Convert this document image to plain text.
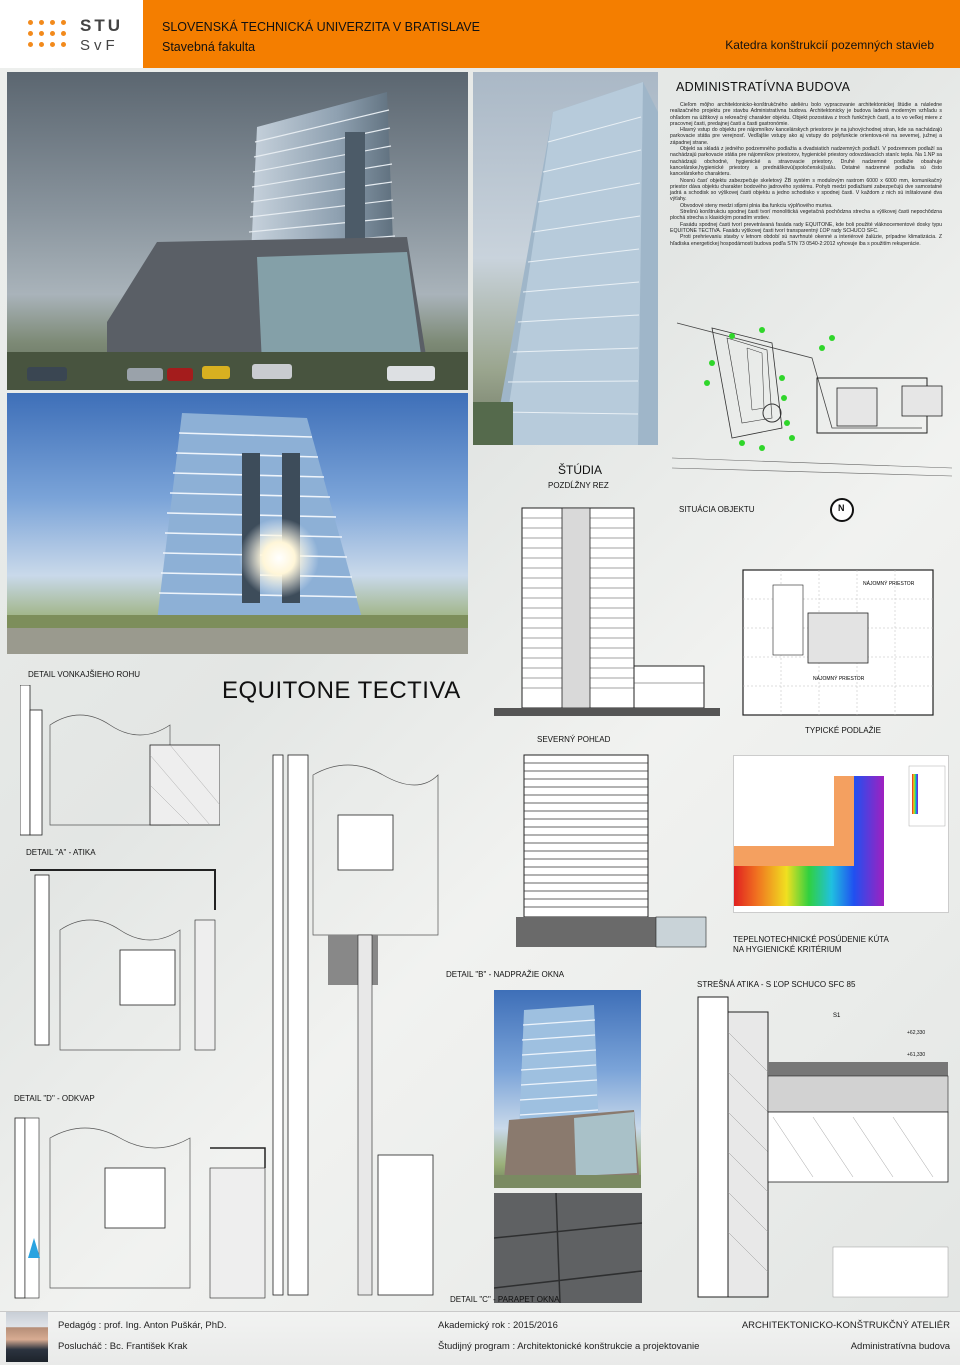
STU
SvF
SLOVENSKÁ TECHNICKÁ UNIVERZITA V BRATISLAVE
Stavebná fakulta	Katedra konštrukcií pozemných stavieb
ADMINISTRATÍVNA BUDOVA

Cieľom môjho architektonicko-konštrukčného ateliéru bolo vypracovanie architektonickej štúdie a následne realizačného projektu pre stavbu Administratívna budova. Architektonicky je budova ladená moderným vzhľadu s ohľadom na úžitkový a rekreačný charakter objektu. Objekt pozostáva z troch funkčných častí, a to vo veľkej miere z pracovnej časti, predajnej časti a časti gastronómie.

Hlavný vstup do objektu pre nájomníkov kancelárskych priestorov je na juhovýchodnej stran, kde sa nachádzajú parkovacie státia pre verejnosť. Vedľajšie vstupy ako aj vstupy do polyfunkcie orientova-né na severnej, južnej a západnej strane.

Objekt sa skladá z jedného podzemného podlažia a dvadsiatich nadzemných podlaží. V podzemnom podlaží sa nachádzajú parkovacie státia pre nájomníkov priestorov, hygienické priestory odovzdávacích staníc tepla. Na 1.NP sa nachádzajú obchodné, hygienické a stravovacie priestory. Druhé nadzemné podlažie obsahuje kancelárske,hygienické priestory a prednáškovú(spoločenskú)sálu. Ostatné nadzemné podlažia sú čisto kancelárskeho charakteru.

Nosnú časť objektu zabezpečuje skeletový ŽB systém s modulovým rastrom 6000 x 6000 mm, komunikačný priestor dáva objektu charakter bodového jadrového systému. Pohyb medzi podlažiami zabezpečujú dve samostatné jadrá a schodisk so výškovej časti objektu a jedno schodisko v spodnej časti. V každom z nich sú inštalované dva výťahy.

Obvodové steny medzi stĺpmi plnia iba funkciu výplňového muriva.

Strešnú konštrukciu spodnej časti tvorí monolitická vegetačná pochôdzna strecha a výškovej časti nepochôdzna plochá strecha s klasickým poradím vrstiev.

Fasádu spodnej časti tvorí prevetrávaná fasáda rady EQUITONE, kde boli použité vláknocementové dosky typu EQUITONE TECTIVA. Fasádu výškovej časti tvorí transparentný ĽOP rady SCHUCO SFC.

Proti prehrievaniu stavby v letnom období sú navrhnuté okenné a interiérové žalúzie, prípadne klimatizácia. Z hľadiska energetickej hospodárnosti budova podľa STN 73 0540-2:2012 vyhovuje iba s použitím rekuperácie.

ŠTÚDIA
POZDĹŽNY REZ
SITUÁCIA OBJEKTU	N
NÁJOMNÝ PRIESTOR
NÁJOMNÝ PRIESTOR
TYPICKÉ PODLAŽIE
SEVERNÝ POHĽAD
TEPELNOTECHNICKÉ POSÚDENIE KÚTA
NA HYGIENICKÉ KRITÉRIUM
STREŠNÁ ATIKA - S ĽOP SCHUCO SFC 85
S1
+62,330
+61,330
EQUITONE TECTIVA
DETAIL VONKAJŠIEHO ROHU
DETAIL "A" - ATIKA
DETAIL "B" - NADPRAŽIE OKNA
DETAIL "D" - ODKVAP
DETAIL "C" - PARAPET OKNA
Pedagóg : prof. Ing. Anton Puškár, PhD.
Poslucháč : Bc. František Krak
Akademický rok : 2015/2016
Študijný program : Architektonické konštrukcie a projektovanie
ARCHITEKTONICKO-KONŠTRUKČNÝ ATELIÉR
Administratívna budova
